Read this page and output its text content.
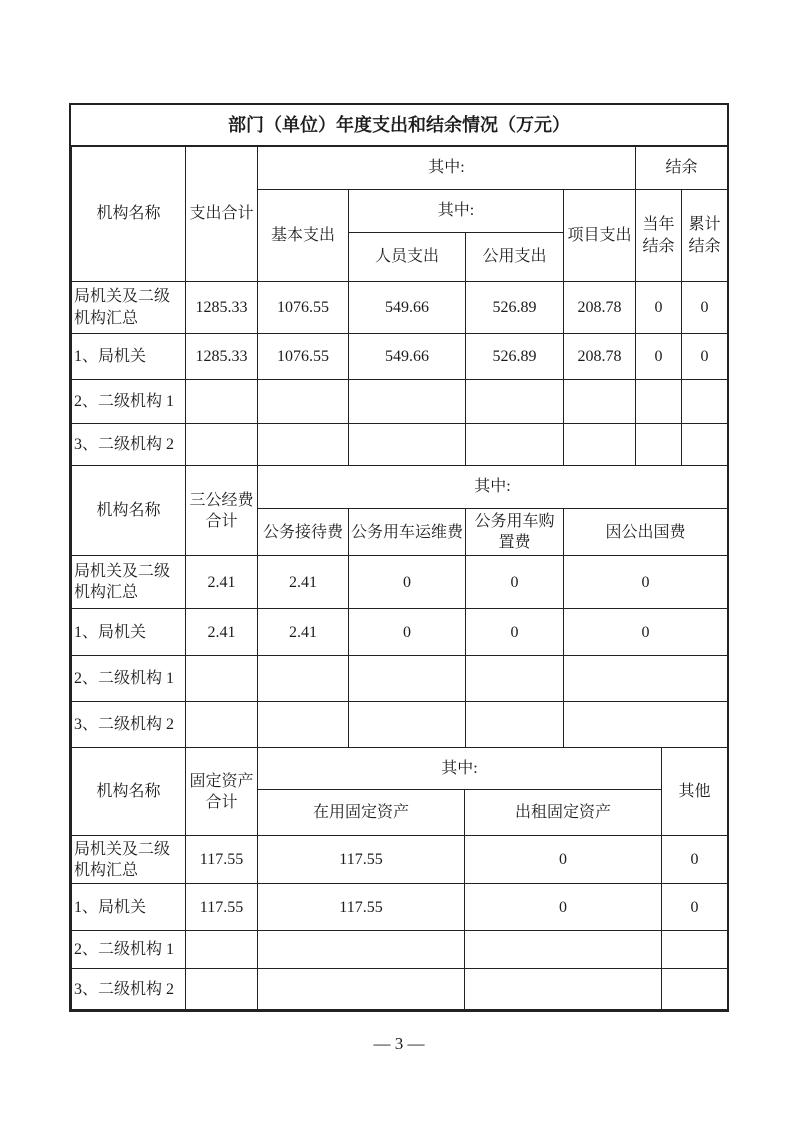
部门（单位）年度支出和结余情况（万元）
机构名称	支出合计	其中:				结余	
		基本支出	其中:		项目支出	当年结余	累计结余
			人员支出	公用支出			
局机关及二级机构汇总	1285.33	1076.55	549.66	526.89	208.78	0	0
1、局机关	1285.33	1076.55	549.66	526.89	208.78	0	0
2、二级机构 1							
3、二级机构 2							
机构名称	三公经费合计	其中:			
		公务接待费	公务用车运维费	公务用车购置费	因公出国费
局机关及二级机构汇总	2.41	2.41	0	0	0
1、局机关	2.41	2.41	0	0	0
2、二级机构 1					
3、二级机构 2					
机构名称	固定资产合计	其中:		其他
		在用固定资产	出租固定资产	
局机关及二级机构汇总	117.55	117.55	0	0
1、局机关	117.55	117.55	0	0
2、二级机构 1				
3、二级机构 2				
— 3 —
